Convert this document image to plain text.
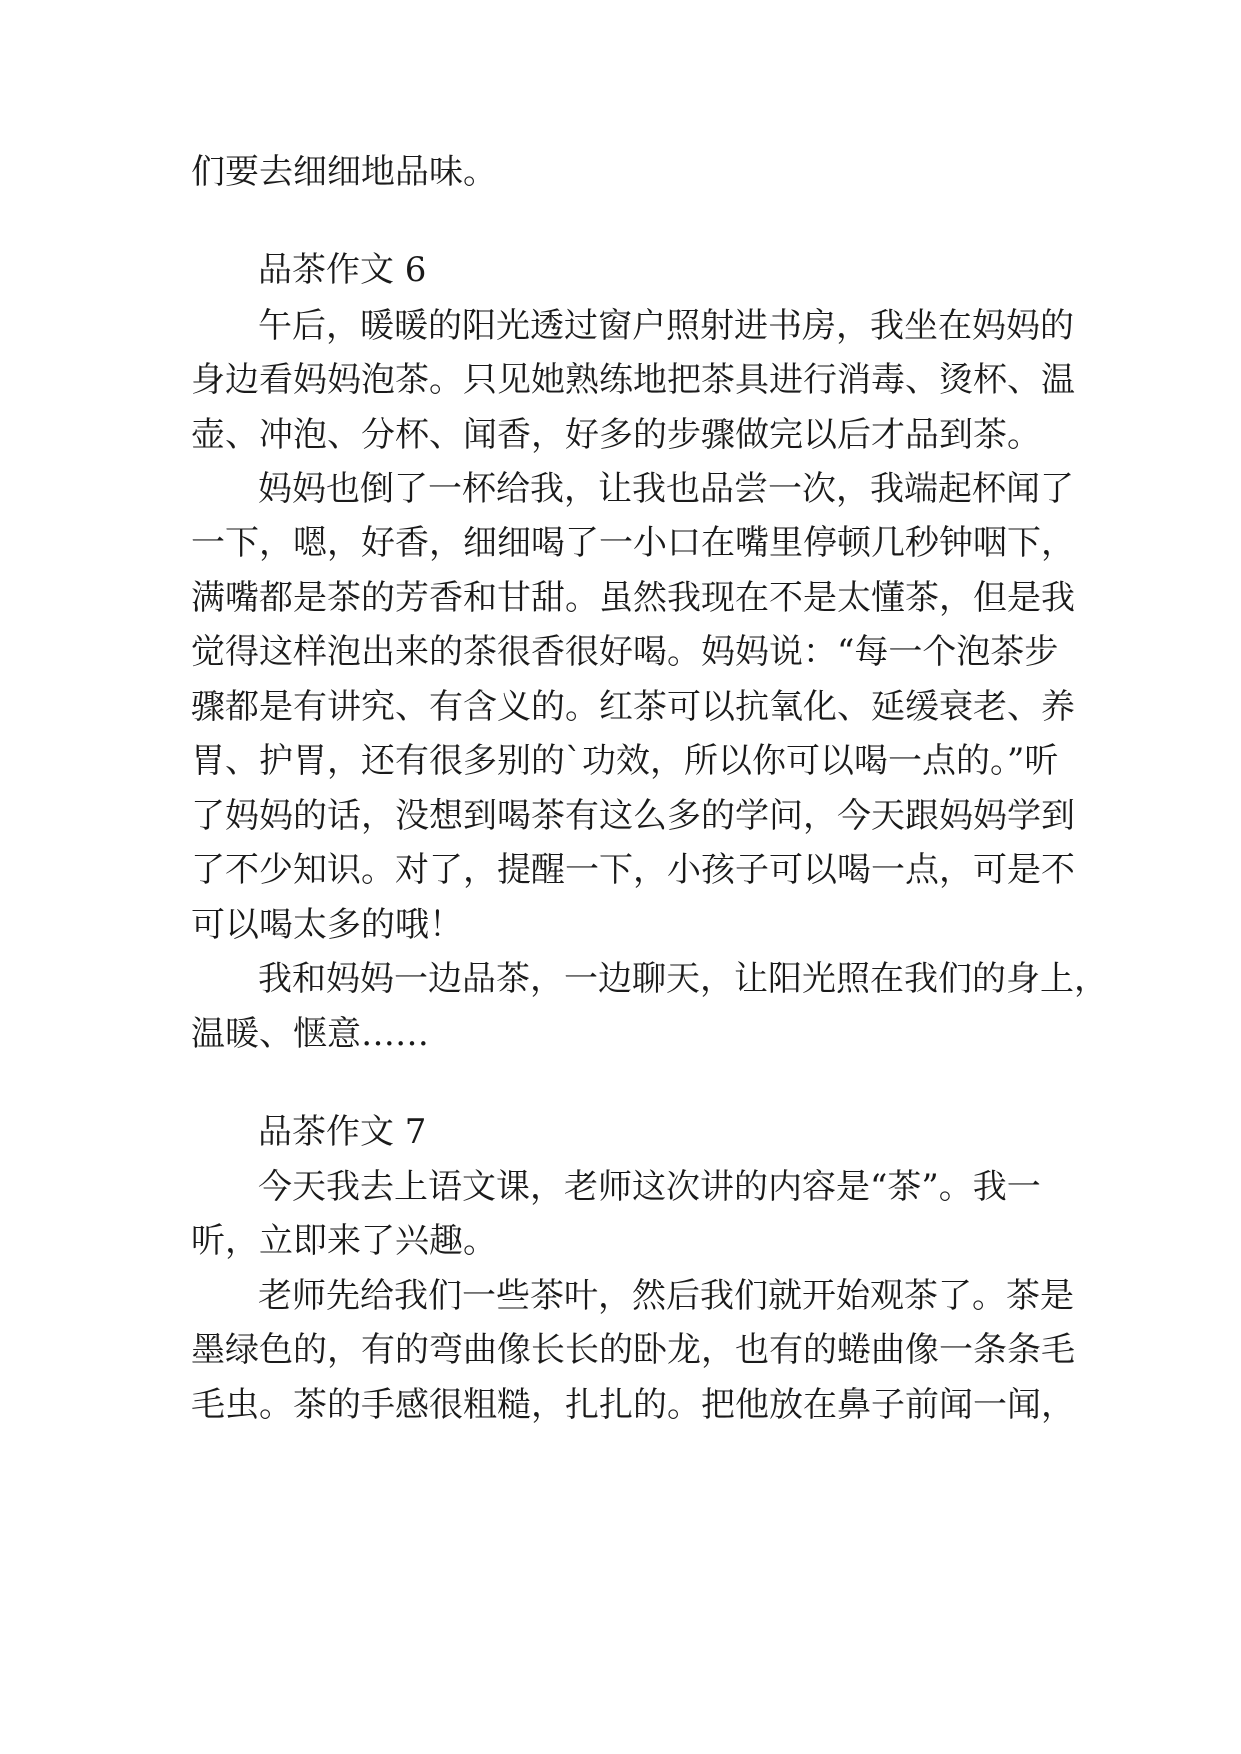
们要去细细地品味。
品茶作文 6
午后，暖暖的阳光透过窗户照射进书房，我坐在妈妈的
身边看妈妈泡茶。只见她熟练地把茶具进行消毒、烫杯、温
壶、冲泡、分杯、闻香，好多的步骤做完以后才品到茶。
妈妈也倒了一杯给我，让我也品尝一次，我端起杯闻了
一下，嗯，好香，细细喝了一小口在嘴里停顿几秒钟咽下，
满嘴都是茶的芳香和甘甜。虽然我现在不是太懂茶，但是我
觉得这样泡出来的茶很香很好喝。妈妈说：“每一个泡茶步
骤都是有讲究、有含义的。红茶可以抗氧化、延缓衰老、养
胃、护胃，还有很多别的`功效，所以你可以喝一点的。”听
了妈妈的话，没想到喝茶有这么多的学问，今天跟妈妈学到
了不少知识。对了，提醒一下，小孩子可以喝一点，可是不
可以喝太多的哦！
我和妈妈一边品茶，一边聊天，让阳光照在我们的身上，
温暖、惬意……
品茶作文 7
今天我去上语文课，老师这次讲的内容是“茶”。我一
听，立即来了兴趣。
老师先给我们一些茶叶，然后我们就开始观茶了。茶是
墨绿色的，有的弯曲像长长的卧龙，也有的蜷曲像一条条毛
毛虫。茶的手感很粗糙，扎扎的。把他放在鼻子前闻一闻，
